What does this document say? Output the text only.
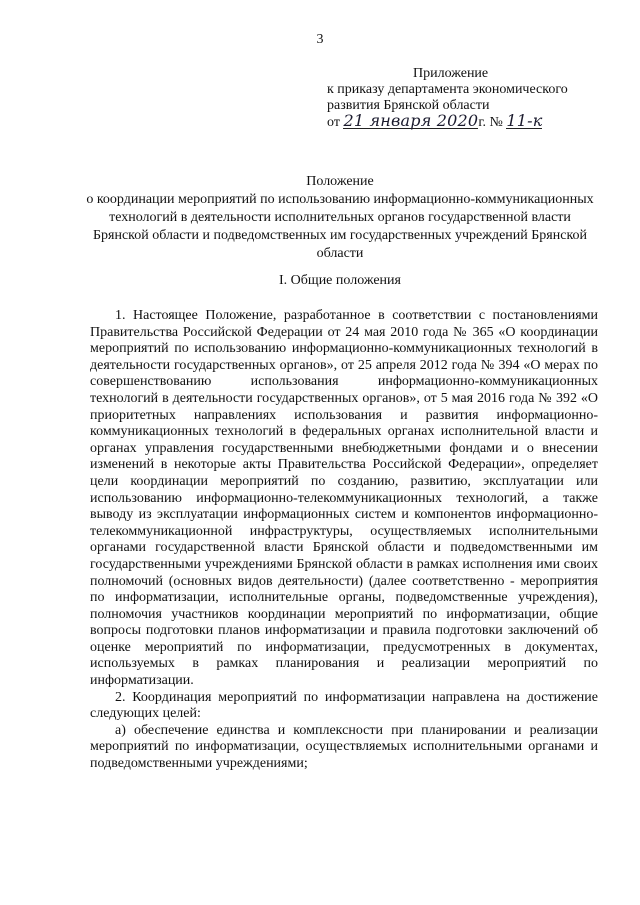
3
Приложение
к приказу департамента экономического
развития Брянской области
от 21 января 2020г. № 11-к
Положение
о координации мероприятий по использованию информационно-коммуникационных технологий в деятельности исполнительных органов государственной власти Брянской области и подведомственных им государственных учреждений Брянской области
I. Общие положения

1. Настоящее Положение, разработанное в соответствии с постановлениями Правительства Российской Федерации от 24 мая 2010 года № 365 «О координации мероприятий по использованию информационно-коммуникационных технологий в деятельности государственных органов», от 25 апреля 2012 года № 394 «О мерах по совершенствованию использования информационно-коммуникационных технологий в деятельности государственных органов», от 5 мая 2016 года № 392 «О приоритетных направлениях использования и развития информационно-коммуникационных технологий в федеральных органах исполнительной власти и органах управления государственными внебюджетными фондами и о внесении изменений в некоторые акты Правительства Российской Федерации», определяет цели координации мероприятий по созданию, развитию, эксплуатации или использованию информационно-телекоммуникационных технологий, а также выводу из эксплуатации информационных систем и компонентов информационно-телекоммуникационной инфраструктуры, осуществляемых исполнительными органами государственной власти Брянской области и подведомственными им государственными учреждениями Брянской области в рамках исполнения ими своих полномочий (основных видов деятельности) (далее соответственно - мероприятия по информатизации, исполнительные органы, подведомственные учреждения), полномочия участников координации мероприятий по информатизации, общие вопросы подготовки планов информатизации и правила подготовки заключений об оценке мероприятий по информатизации, предусмотренных в документах, используемых в рамках планирования и реализации мероприятий по информатизации.

2. Координация мероприятий по информатизации направлена на достижение следующих целей:

а) обеспечение единства и комплексности при планировании и реализации мероприятий по информатизации, осуществляемых исполнительными органами и подведомственными учреждениями;
